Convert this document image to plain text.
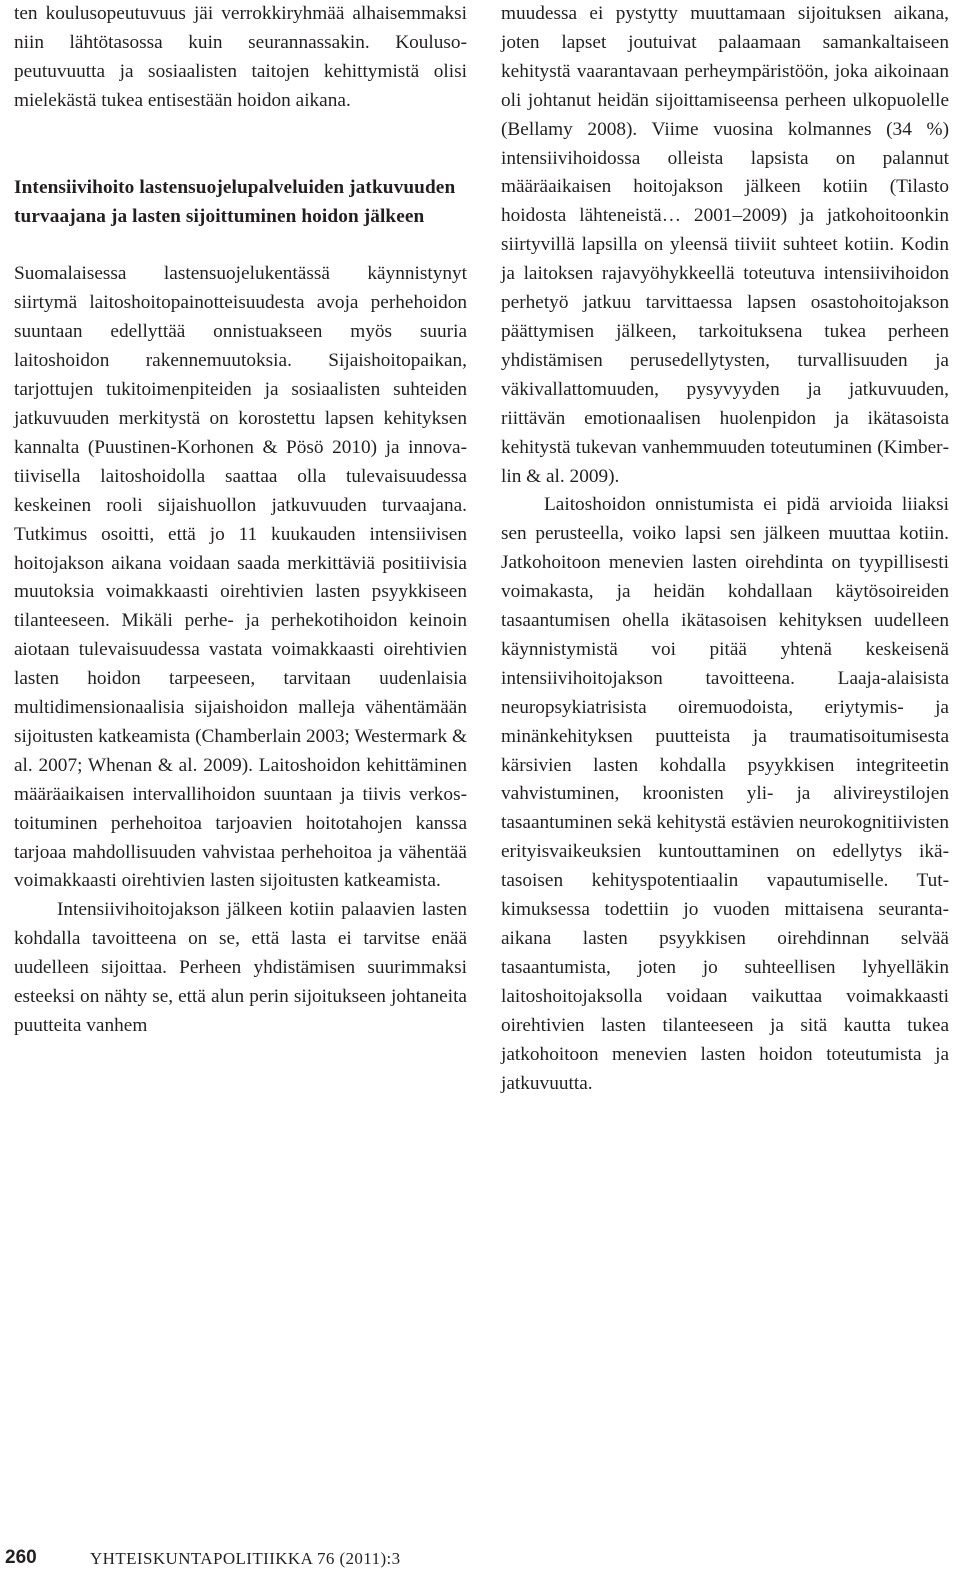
ten koulusopeutuvuus jäi verrokkiryhmää alhaisemmaksi niin lähtötasossa kuin seurannassakin. Koulusopeutuvuutta ja sosiaalisten taitojen kehittymistä olisi mielekästä tukea entisestään hoidon aikana.

Intensiivihoito lastensuojelupalveluiden jatkuvuuden turvaajana ja lasten sijoittuminen hoidon jälkeen

Suomalaisessa lastensuojelukentässä käynnistynyt siirtymä laitoshoitopainotteisuudesta avoja perhehoidon suuntaan edellyttää onnistuakseen myös suuria laitoshoidon rakennemuutoksia. Sijaishoitopaikan, tarjottujen tukitoimenpiteiden ja sosiaalisten suhteiden jatkuvuuden merkitystä on korostettu lapsen kehityksen kannalta (Puustinen-Korhonen & Pösö 2010) ja innovatiivisella laitoshoidolla saattaa olla tulevaisuudessa keskeinen rooli sijaishuollon jatkuvuuden turvaajana. Tutkimus osoitti, että jo 11 kuukauden intensiivisen hoitojakson aikana voidaan saada merkittäviä positiivisia muutoksia voimakkaasti oirehtivien lasten psyykkiseen tilanteeseen. Mikäli perhe- ja perhekotihoidon keinoin aiotaan tulevaisuudessa vastata voimakkaasti oirehtivien lasten hoidon tarpeeseen, tarvitaan uudenlaisia multidimensionaalisia sijaishoidon malleja vähentämään sijoitusten katkeamista (Chamberlain 2003; Westermark & al. 2007; Whenan & al. 2009). Laitoshoidon kehittäminen määräaikaisen intervallihoidon suuntaan ja tiivis verkostoituminen perhehoitoa tarjoavien hoitotahojen kanssa tarjoaa mahdollisuuden vahvistaa perhehoitoa ja vähentää voimakkaasti oirehtivien lasten sijoitusten katkeamista.

Intensiivihoitojakson jälkeen kotiin palaavien lasten kohdalla tavoitteena on se, että lasta ei tarvitse enää uudelleen sijoittaa. Perheen yhdistämisen suurimmaksi esteeksi on nähty se, että alun perin sijoitukseen johtaneita puutteita vanhem

muudessa ei pystytty muuttamaan sijoituksen aikana, joten lapset joutuivat palaamaan samankaltaiseen kehitystä vaarantavaan perheympäristöön, joka aikoinaan oli johtanut heidän sijoittamiseensa perheen ulkopuolelle (Bellamy 2008). Viime vuosina kolmannes (34 %) intensiivihoidossa olleista lapsista on palannut määräaikaisen hoitojakson jälkeen kotiin (Tilasto hoidosta lähteneistä… 2001–2009) ja jatkohoitoonkin siirtyvillä lapsilla on yleensä tiiviit suhteet kotiin. Kodin ja laitoksen rajavyöhykkeellä toteutuva intensiivihoidon perhetyö jatkuu tarvittaessa lapsen osastohoitojakson päättymisen jälkeen, tarkoituksena tukea perheen yhdistämisen perusedellytysten, turvallisuuden ja väkivallattomuuden, pysyvyyden ja jatkuvuuden, riittävän emotionaalisen huolenpidon ja ikätasoista kehitystä tukevan vanhemmuuden toteutuminen (Kimberlin & al. 2009).

Laitoshoidon onnistumista ei pidä arvioida liiaksi sen perusteella, voiko lapsi sen jälkeen muuttaa kotiin. Jatkohoitoon menevien lasten oirehdinta on tyypillisesti voimakasta, ja heidän kohdallaan käytösoireiden tasaantumisen ohella ikätasoisen kehityksen uudelleen käynnistymistä voi pitää yhtenä keskeisenä intensiivihoitojakson tavoitteena. Laaja-alaisista neuropsykiatrisista oiremuodoista, eriytymis- ja minänkehityksen puutteista ja traumatisoitumisesta kärsivien lasten kohdalla psyykkisen integriteetin vahvistuminen, kroonisten yli- ja alivireystilojen tasaantuminen sekä kehitystä estävien neurokognitiivisten erityisvaikeuksien kuntouttaminen on edellytys ikätasoisen kehityspotentiaalin vapautumiselle. Tutkimuksessa todettiin jo vuoden mittaisena seuranta-aikana lasten psyykkisen oirehdinnan selvää tasaantumista, joten jo suhteellisen lyhyelläkin laitoshoitojaksolla voidaan vaikuttaa voimakkaasti oirehtivien lasten tilanteeseen ja sitä kautta tukea jatkohoitoon menevien lasten hoidon toteutumista ja jatkuvuutta.

260	YHTEISKUNTAPOLITIIKKA 76 (2011):3
